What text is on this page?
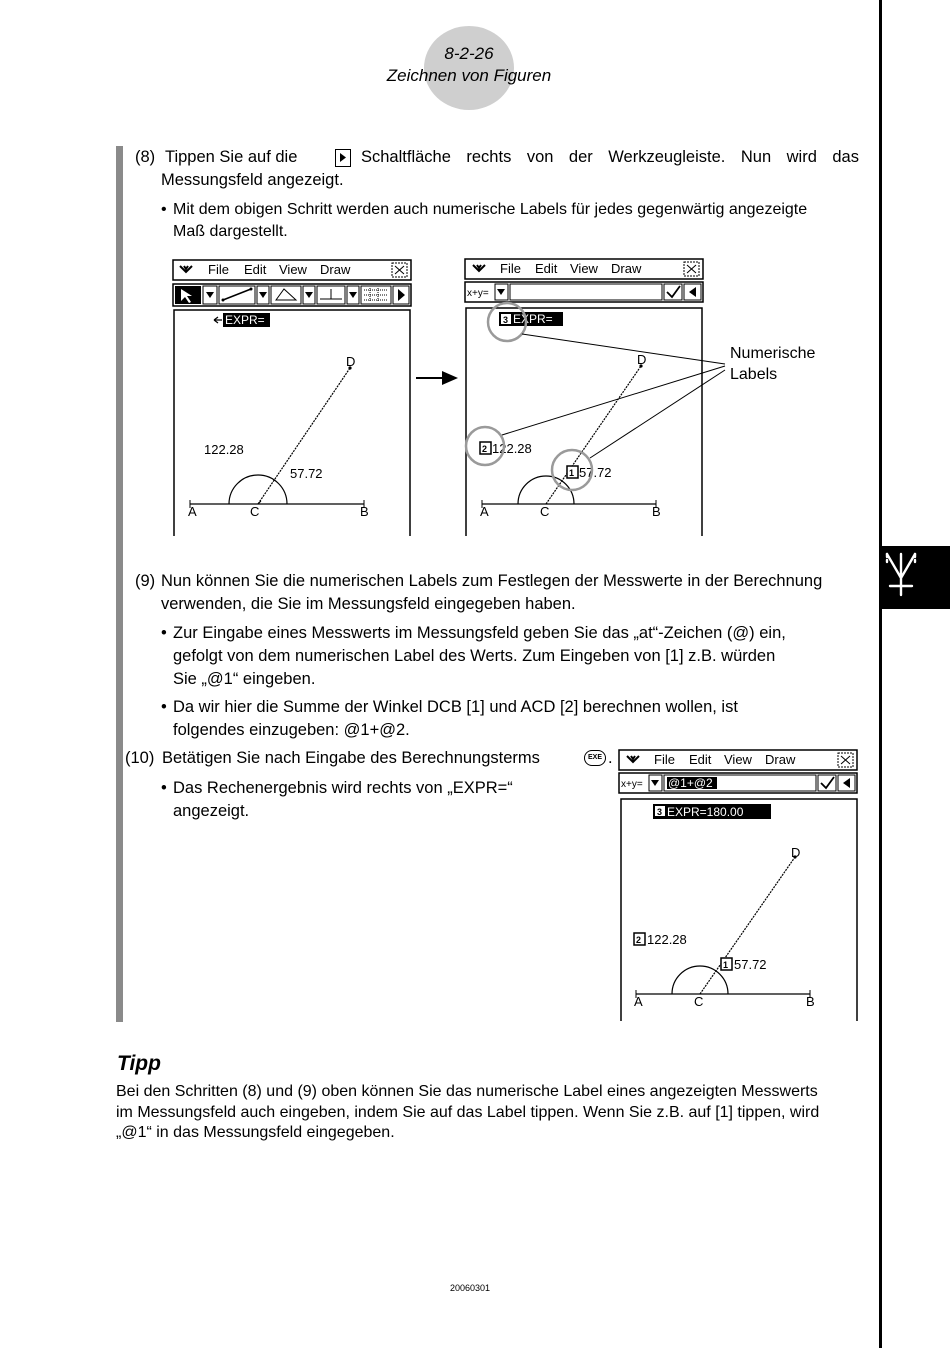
8-2-26
Zeichnen von Figuren
(8) Tippen Sie auf die	Schaltfläche rechts von der Werkzeugleiste. Nun wird das
Messungsfeld angezeigt.
• Mit dem obigen Schritt werden auch numerische Labels für jedes gegenwärtig angezeigte
Maß dargestellt.
File Edit View Draw
EXPR=
D
A	C	B
122.28
57.72
File Edit View Draw
x+y=
3 EXPR=
D
A	C	B
2 122.28
1 57.72
Numerische
Labels
(9) Nun können Sie die numerischen Labels zum Festlegen der Messwerte in der Berechnung
verwenden, die Sie im Messungsfeld eingegeben haben.
• Zur Eingabe eines Messwerts im Messungsfeld geben Sie das „at“-Zeichen (@) ein,
gefolgt von dem numerischen Label des Werts. Zum Eingeben von [1] z.B. würden
Sie „@1“ eingeben.
• Da wir hier die Summe der Winkel DCB [1] und ACD [2] berechnen wollen, ist
folgendes einzugeben: @1+@2.
(10) Betätigen Sie nach Eingabe des Berechnungsterms	EXE .
• Das Rechenergebnis wird rechts von „EXPR=“
angezeigt.
File Edit View Draw
x+y= @1+@2
3 EXPR=180.00
D
A	C	B
2 122.28
1 57.72
Tipp
Bei den Schritten (8) und (9) oben können Sie das numerische Label eines angezeigten Messwerts
im Messungsfeld auch eingeben, indem Sie auf das Label tippen. Wenn Sie z.B. auf [1] tippen, wird
„@1“ in das Messungsfeld eingegeben.
20060301
